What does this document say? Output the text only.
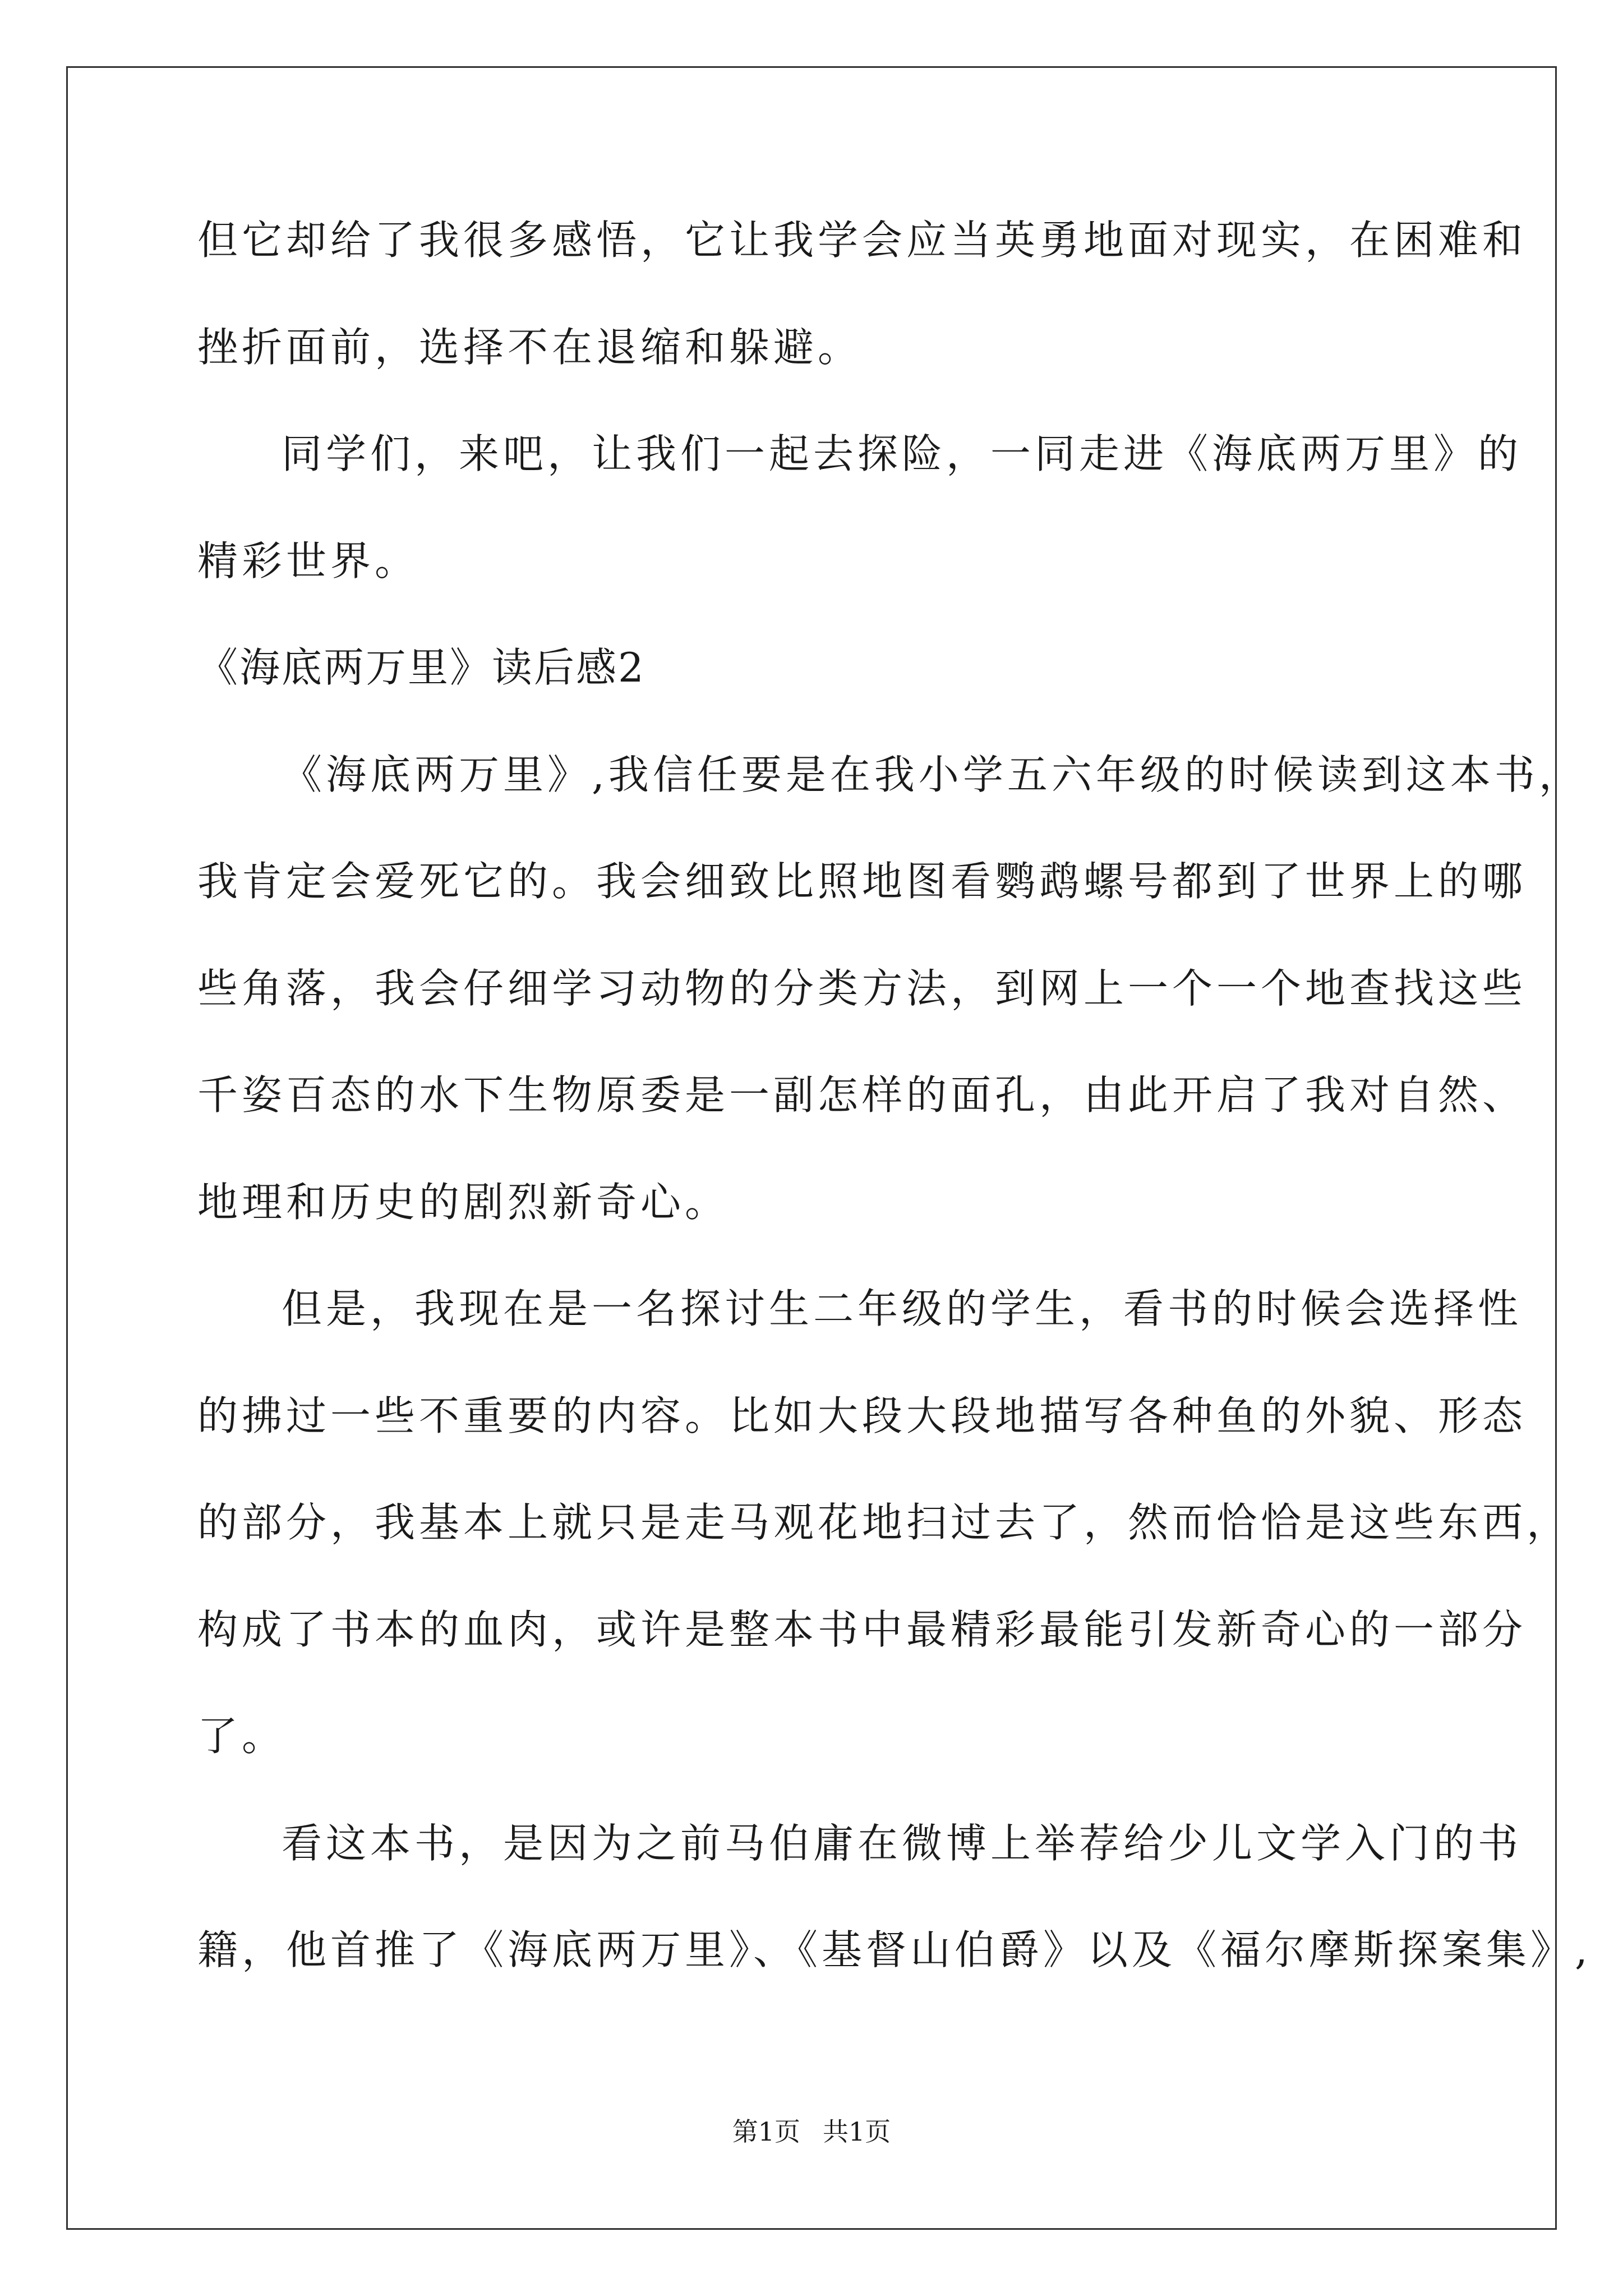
但它却给了我很多感悟，它让我学会应当英勇地面对现实，在困难和

挫折面前，选择不在退缩和躲避。

同学们，来吧，让我们一起去探险，一同走进《海底两万里》的

精彩世界。

《海底两万里》读后感2

《海底两万里》,我信任要是在我小学五六年级的时候读到这本书，

我肯定会爱死它的。我会细致比照地图看鹦鹉螺号都到了世界上的哪

些角落，我会仔细学习动物的分类方法，到网上一个一个地查找这些

千姿百态的水下生物原委是一副怎样的面孔，由此开启了我对自然、

地理和历史的剧烈新奇心。

但是，我现在是一名探讨生二年级的学生，看书的时候会选择性

的拂过一些不重要的内容。比如大段大段地描写各种鱼的外貌、形态

的部分，我基本上就只是走马观花地扫过去了，然而恰恰是这些东西，

构成了书本的血肉，或许是整本书中最精彩最能引发新奇心的一部分

了。

看这本书，是因为之前马伯庸在微博上举荐给少儿文学入门的书

籍，他首推了《海底两万里》、《基督山伯爵》以及《福尔摩斯探案集》,

第1页 共1页
